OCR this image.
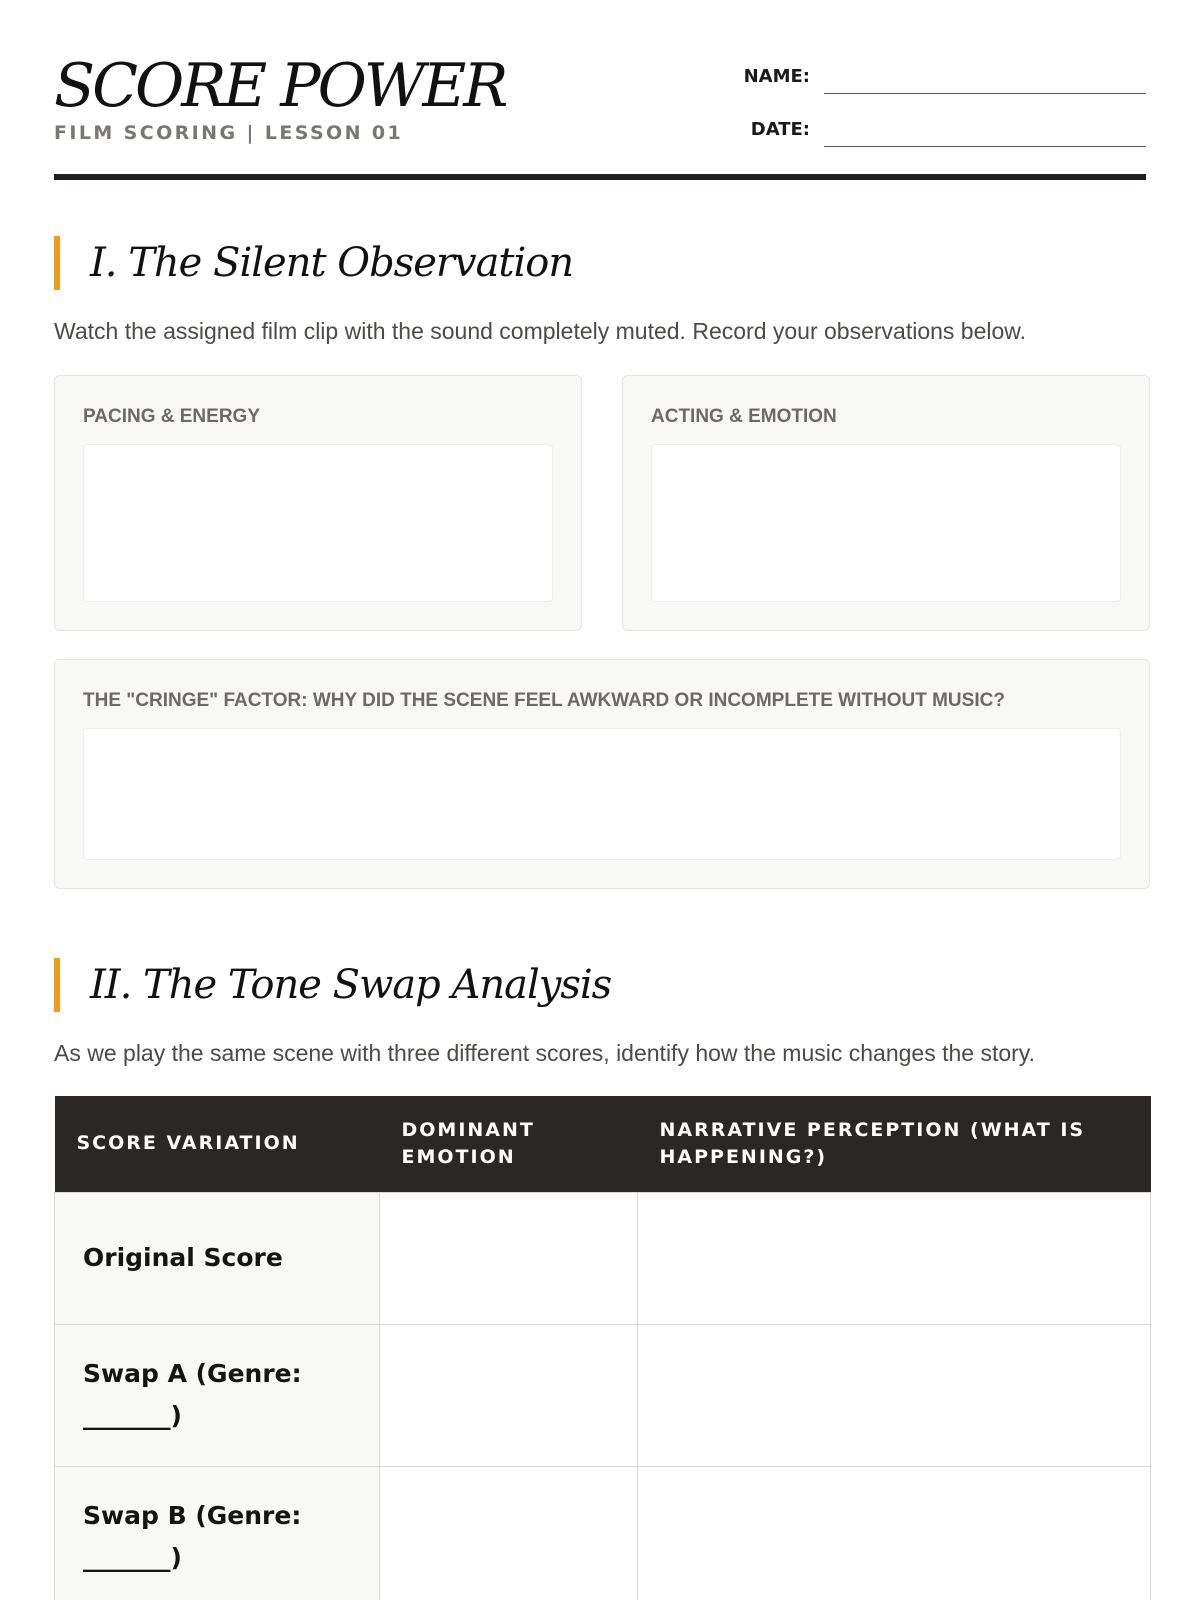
SCORE POWER
FILM SCORING | LESSON 01
NAME:
DATE:
I. The Silent Observation
Watch the assigned film clip with the sound completely muted. Record your observations below.
PACING & ENERGY	ACTING & EMOTION
THE "CRINGE" FACTOR: WHY DID THE SCENE FEEL AWKWARD OR INCOMPLETE WITHOUT MUSIC?
II. The Tone Swap Analysis
As we play the same scene with three different scores, identify how the music changes the story.
SCORE VARIATION	DOMINANT EMOTION	NARRATIVE PERCEPTION (WHAT IS HAPPENING?)
Original Score		
Swap A (Genre: _______)		
Swap B (Genre: _______)		
